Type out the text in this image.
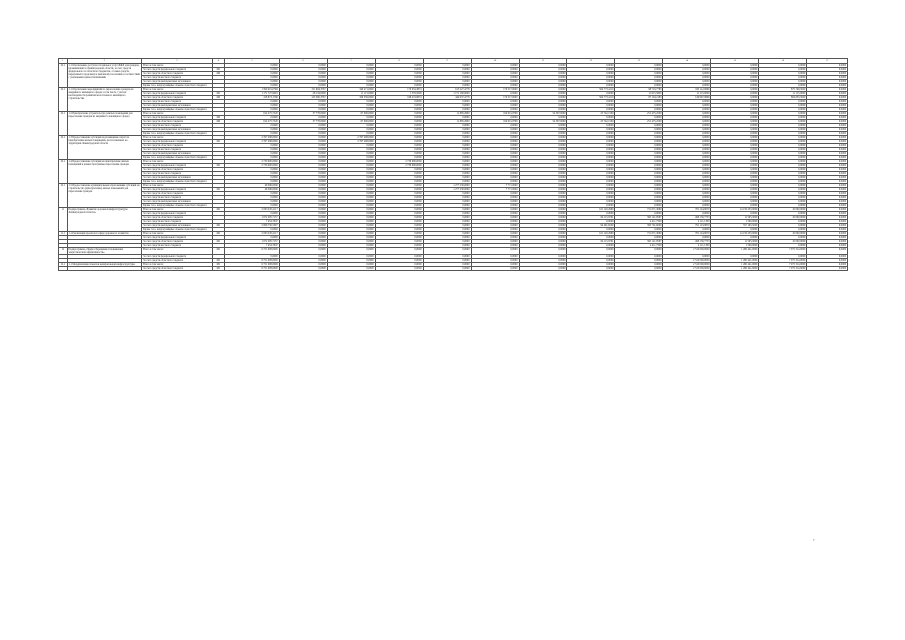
1	2	3	4	5	6	7	8	9	10	11	12	13	14	15	16	17
10.1	1.1 Обеспечение доступности жилья и услуг ЖКХ для граждан, проживающих в Ленинградской области, за счет средств федерального и областного бюджетов, а также средств, переданных городскому и районному поселению в соответствии с указанными правоотношениями	Всего в том числе:		0,0000	0,0000	0,0000	0,0000	0,0000	0,0000	0,0000	0,0000	0,0000	0,0000	0,0000	0,0000	0,0000
		За счет средств федерального бюджета	М1	0,0000	0,0000	0,0000	0,0000	0,0000	0,0000	0,0000	0,0000	0,0000	0,0000	0,0000	0,0000	0,0000
		За счет средств областного бюджета	М2	0,0000	0,0000	0,0000	0,0000	0,0000	0,0000	0,0000	0,0000	0,0000	0,0000	0,0000	0,0000	0,0000
		За счет средств местного бюджета		0,0000	0,0000	0,0000	0,0000	0,0000	0,0000	0,0000	0,0000	0,0000	0,0000	0,0000	0,0000	0,0000
		За счет средств внебюджетных источников		0,0000	0,0000	0,0000	0,0000	0,0000	0,0000	0,0000	0,0000	0,0000	0,0000	0,0000	0,0000	0,0000
		Кроме того, непрограммные объемы областного бюджета		0,0000	0,0000	0,0000	0,0000	0,0000	0,0000	0,0000	0,0000	0,0000	0,0000	0,0000	0,0000	0,0000
10.1	1.1 Обеспечение мероприятий по переселению граждан из аварийного жилищного фонда, в том числе с учетом необходимости развития малоэтажного жилищного строительства	Всего в том числе:		1 590 401,0769	151 694,3767	340 471,0000	170 054,3874	615 227,4776	170 517,6000	0,0000	504 773,4110	98 719,7783	160 112,0666	0,0000	875 748,3930	0,0000
		За счет средств федерального бюджета	М1	1 171 727,9003	28 134,0000	11 115,0000	1 579,5000	1 171 190,0000	0,0000	0,0000	0,0000	11 615,5600	11 115,0000	0,0000	11 115,0000	0,0000
		За счет средств областного бюджета	М2	418 673,1766	123 560,3767	329 356,0000	168 474,8874	444 037,4776	170 517,6000	0,0000	504 773,4110	87 104,2183	149 997,0666	0,0000	864 633,3930	0,0000
		За счет средств местного бюджета		0,0000	0,0000	0,0000	0,0000	0,0000	0,0000	0,0000	0,0000	0,0000	0,0000	0,0000	0,0000	0,0000
		За счет средств внебюджетных источников		0,0000	0,0000	0,0000	0,0000	0,0000	0,0000	0,0000	0,0000	0,0000	0,0000	0,0000	0,0000	0,0000
		Кроме того, непрограммные объемы областного бюджета		0,0000	0,0000	0,0000	0,0000	0,0000	0,0000	0,0000	0,0000	0,0000	0,0000	0,0000	0,0000	0,0000
10.1	1.2 Приобретение (строительство) жилых помещений для переселения граждан из аварийного жилищного фонда	Всего в том числе:		614 275,7520	37 778,0000	67 000,0000	0,0000	11 895,2900	164 915,8790	54 597,0000	25 742,1500	251 475,2500	0,0000	0,0000	0,0000	0,0000
		За счет средств федерального бюджета	М2	0,0000	0,0000	0,0000	0,0000	0,0000	0,0000	0,0000	0,0000	0,0000	0,0000	0,0000	0,0000	0,0000
		За счет средств областного бюджета	М2	614 275,7520	37 778,0000	67 000,0000	0,0000	11 895,2900	164 915,8790	54 597,0000	25 742,1500	251 475,2500	0,0000	0,0000	0,0000	0,0000
		За счет средств местного бюджета		0,0000	0,0000	0,0000	0,0000	0,0000	0,0000	0,0000	0,0000	0,0000	0,0000	0,0000	0,0000	0,0000
		За счет средств внебюджетных источников		0,0000	0,0000	0,0000	0,0000	0,0000	0,0000	0,0000	0,0000	0,0000	0,0000	0,0000	0,0000	0,0000
		Кроме того, непрограммные объемы областного бюджета		0,0000	0,0000	0,0000	0,0000	0,0000	0,0000	0,0000	0,0000	0,0000	0,0000	0,0000	0,0000	0,0000
10.1	1.3 Предоставление субсидий на возмещение затрат на приобретение жилых помещений, расположенных на территории Ленинградской области	Всего в том числе:		2 767 298,0000	0,0000	2 767 298,0000	0,0000	0,0000	0,0000	0,0000	0,0000	0,0000	0,0000	0,0000	0,0000	0,0000
		За счет средств федерального бюджета	М1	2 767 298,0000	0,0000	2 767 298,0000	0,0000	0,0000	0,0000	0,0000	0,0000	0,0000	0,0000	0,0000	0,0000	0,0000
		За счет средств областного бюджета		0,0000	0,0000	0,0000	0,0000	0,0000	0,0000	0,0000	0,0000	0,0000	0,0000	0,0000	0,0000	0,0000
		За счет средств местного бюджета		0,0000	0,0000	0,0000	0,0000	0,0000	0,0000	0,0000	0,0000	0,0000	0,0000	0,0000	0,0000	0,0000
		За счет средств внебюджетных источников		0,0000	0,0000	0,0000	0,0000	0,0000	0,0000	0,0000	0,0000	0,0000	0,0000	0,0000	0,0000	0,0000
		Кроме того, непрограммные объемы областного бюджета		0,0000	0,0000	0,0000	0,0000	0,0000	0,0000	0,0000	0,0000	0,0000	0,0000	0,0000	0,0000	0,0000
10.1	1.4 Предоставление субсидий на приобретение жилых помещений в рамках программы переселения граждан	Всего в том числе:		2 730 000,0000	0,0000	0,0000	2 730 000,0000	0,0000	0,0000	0,0000	0,0000	0,0000	0,0000	0,0000	0,0000	0,0000
		За счет средств федерального бюджета	М1	2 730 000,0000	0,0000	0,0000	2 730 000,0000	0,0000	0,0000	0,0000	0,0000	0,0000	0,0000	0,0000	0,0000	0,0000
		За счет средств областного бюджета		0,0000	0,0000	0,0000	0,0000	0,0000	0,0000	0,0000	0,0000	0,0000	0,0000	0,0000	0,0000	0,0000
		За счет средств местного бюджета		0,0000	0,0000	0,0000	0,0000	0,0000	0,0000	0,0000	0,0000	0,0000	0,0000	0,0000	0,0000	0,0000
		За счет средств внебюджетных источников		0,0000	0,0000	0,0000	0,0000	0,0000	0,0000	0,0000	0,0000	0,0000	0,0000	0,0000	0,0000	0,0000
		Кроме того, непрограммные объемы областного бюджета		0,0000	0,0000	0,0000	0,0000	0,0000	0,0000	0,0000	0,0000	0,0000	0,0000	0,0000	0,0000	0,0000
10.1	1.5 Предоставление муниципальным образованиям субсидий на строительство (приобретение) жилых помещений для переселения граждан	Всего в том числе:		46 396,0000	0,0000	0,0000	0,0000	1 277 230,0000	7 771,0000	0,0000	0,0000	0,0000	0,0000	0,0000	0,0000	0,0000
		За счет средств федерального бюджета	М1	46 396,0000	0,0000	0,0000	0,0000	1 277 230,0000	7 771,0000	0,0000	0,0000	0,0000	0,0000	0,0000	0,0000	0,0000
		За счет средств областного бюджета		0,0000	0,0000	0,0000	0,0000	0,0000	0,0000	0,0000	0,0000	0,0000	0,0000	0,0000	0,0000	0,0000
		За счет средств местного бюджета		0,0000	0,0000	0,0000	0,0000	0,0000	0,0000	0,0000	0,0000	0,0000	0,0000	0,0000	0,0000	0,0000
		За счет средств внебюджетных источников		0,0000	0,0000	0,0000	0,0000	0,0000	0,0000	0,0000	0,0000	0,0000	0,0000	0,0000	0,0000	0,0000
		Кроме того, непрограммные объемы областного бюджета		0,0000	0,0000	0,0000	0,0000	0,0000	0,0000	0,0000	0,0000	0,0000	0,0000	0,0000	0,0000	0,0000
11	Подпрограмма «Развитие дорожной инфраструктуры Ленинградской области»	Всего в том числе:	М1	2 063 435,4117	0,0000	0,0000	0,0000	0,0000	0,0000	0,0000	161 120,2960	751 671,3060	781 124,9070	14 159 235,0000	10 000,0000	0,0000
		За счет средств федерального бюджета		0,0000	0,0000	0,0000	0,0000	0,0000	0,0000	0,0000	0,0000	0,0000	0,0000	0,0000	0,0000	0,0000
		За счет средств областного бюджета		1 072 285,7137	0,0000	0,0000	0,0000	0,0000	0,0000	0,0000	64 115,9761	395 121,8597	498 150,7753	11 595,3000	10 000,0000	0,0000
		За счет средств местного бюджета		7 454,7847	0,0000	0,0000	0,0000	0,0000	0,0000	0,0000	0,0000	2 411,7500	2 111,1300	1 500,0000	0,0000	0,0000
		За счет средств внебюджетных источников	М1	2 066 756,5397	0,0000	0,0000	0,0000	0,0000	0,0000	0,0000	94 491,6500	395 701,6000	791 123,9870	557 195,5000	0,0000	0,0000
		Кроме того, непрограммные объемы областного бюджета		0,0000	0,0000	0,0000	0,0000	0,0000	0,0000	0,0000	0,0000	0,0000	0,0000	0,0000	0,0000	0,0000
11.1	1.1 Реализация проектов в сфере дорожного хозяйства	Всего в том числе:	М1	2 063 435,4117	0,0000	0,0000	0,0000	0,0000	0,0000	0,0000	161 120,2960	751 671,3060	781 124,9070	14 159 235,0000	10 000,0000	0,0000
		За счет средств федерального бюджета		0,0000	0,0000	0,0000	0,0000	0,0000	0,0000	0,0000	0,0000	0,0000	0,0000	0,0000	0,0000	0,0000
		За счет средств областного бюджета	М1	1 072 285,7137	0,0000	0,0000	0,0000	0,0000	0,0000	0,0000	64 115,9761	395 121,8597	498 150,7753	11 595,3000	10 000,0000	0,0000
		За счет средств местного бюджета		7 454,7847	0,0000	0,0000	0,0000	0,0000	0,0000	0,0000	0,0000	2 411,7500	2 111,1300	1 500,0000	0,0000	0,0000
12	Подпрограмма «Энергосбережение и повышение энергетической эффективности»	Всего в том числе:	М1	6 751 008,0000	0,0000	0,0000	0,0000	0,0000	0,0000	0,0000	0,0000	0,0000	2 510 000,0000	1 260 441,0000	7 075 314,0000	0,0000
		За счет средств федерального бюджета		0,0000	0,0000	0,0000	0,0000	0,0000	0,0000	0,0000	0,0000	0,0000	0,0000	0,0000	0,0000	0,0000
		За счет средств областного бюджета	М1	6 751 008,0000	0,0000	0,0000	0,0000	0,0000	0,0000	0,0000	0,0000	0,0000	2 510 000,0000	1 260 441,0000	7 075 314,0000	0,0000
12.1	1.1 Модернизация объектов коммунальной инфраструктуры	Всего в том числе:	М1	6 751 008,0000	0,0000	0,0000	0,0000	0,0000	0,0000	0,0000	0,0000	0,0000	2 510 000,0000	1 260 441,0000	7 075 314,0000	0,0000
		За счет средств областного бюджета	М1	6 751 008,0000	0,0000	0,0000	0,0000	0,0000	0,0000	0,0000	0,0000	0,0000	2 510 000,0000	1 260 441,0000	7 075 314,0000	0,0000
7
